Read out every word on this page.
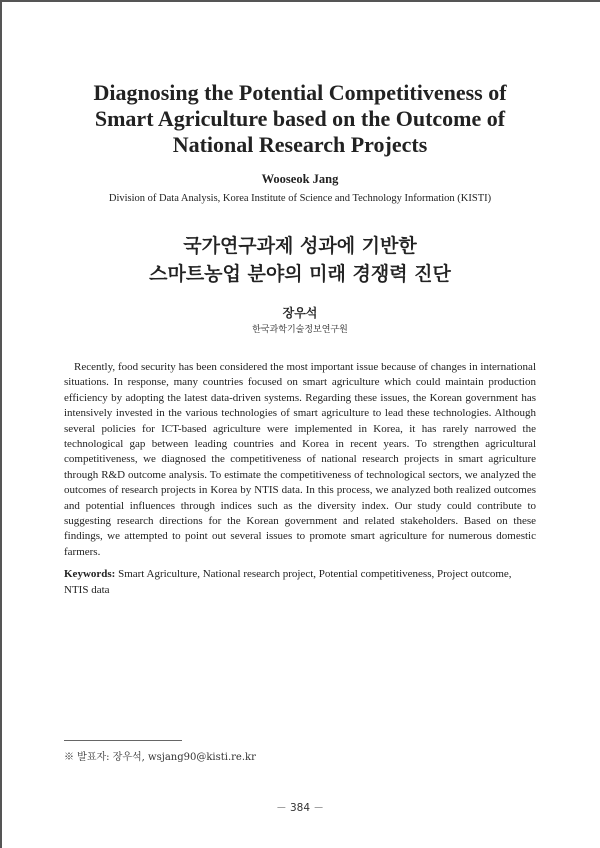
Diagnosing the Potential Competitiveness of
Smart Agriculture based on the Outcome of
National Research Projects
Wooseok Jang
Division of Data Analysis, Korea Institute of Science and Technology Information (KISTI)
국가연구과제 성과에 기반한
스마트농업 분야의 미래 경쟁력 진단
장우석
한국과학기술정보연구원

Recently, food security has been considered the most important issue because of changes in international situations. In response, many countries focused on smart agriculture which could maintain production efficiency by adopting the latest data-driven systems. Regarding these issues, the Korean government has intensively invested in the various technologies of smart agriculture to lead these technologies. Although several policies for ICT-based agriculture were implemented in Korea, it has rarely narrowed the technological gap between leading countries and Korea in recent years. To strengthen agricultural competitiveness, we diagnosed the competitiveness of national research projects in smart agriculture through R&D outcome analysis. To estimate the competitiveness of technological sectors, we analyzed the outcomes of research projects in Korea by NTIS data. In this process, we analyzed both realized outcomes and potential influences through indices such as the diversity index. Our study could contribute to suggesting research directions for the Korean government and related stakeholders. Based on these findings, we attempted to point out several issues to promote smart agriculture for numerous domestic farmers.

Keywords: Smart Agriculture, National research project, Potential competitiveness, Project outcome, NTIS data

※ 발표자: 장우석, wsjang90@kisti.re.kr
－ 384 －
